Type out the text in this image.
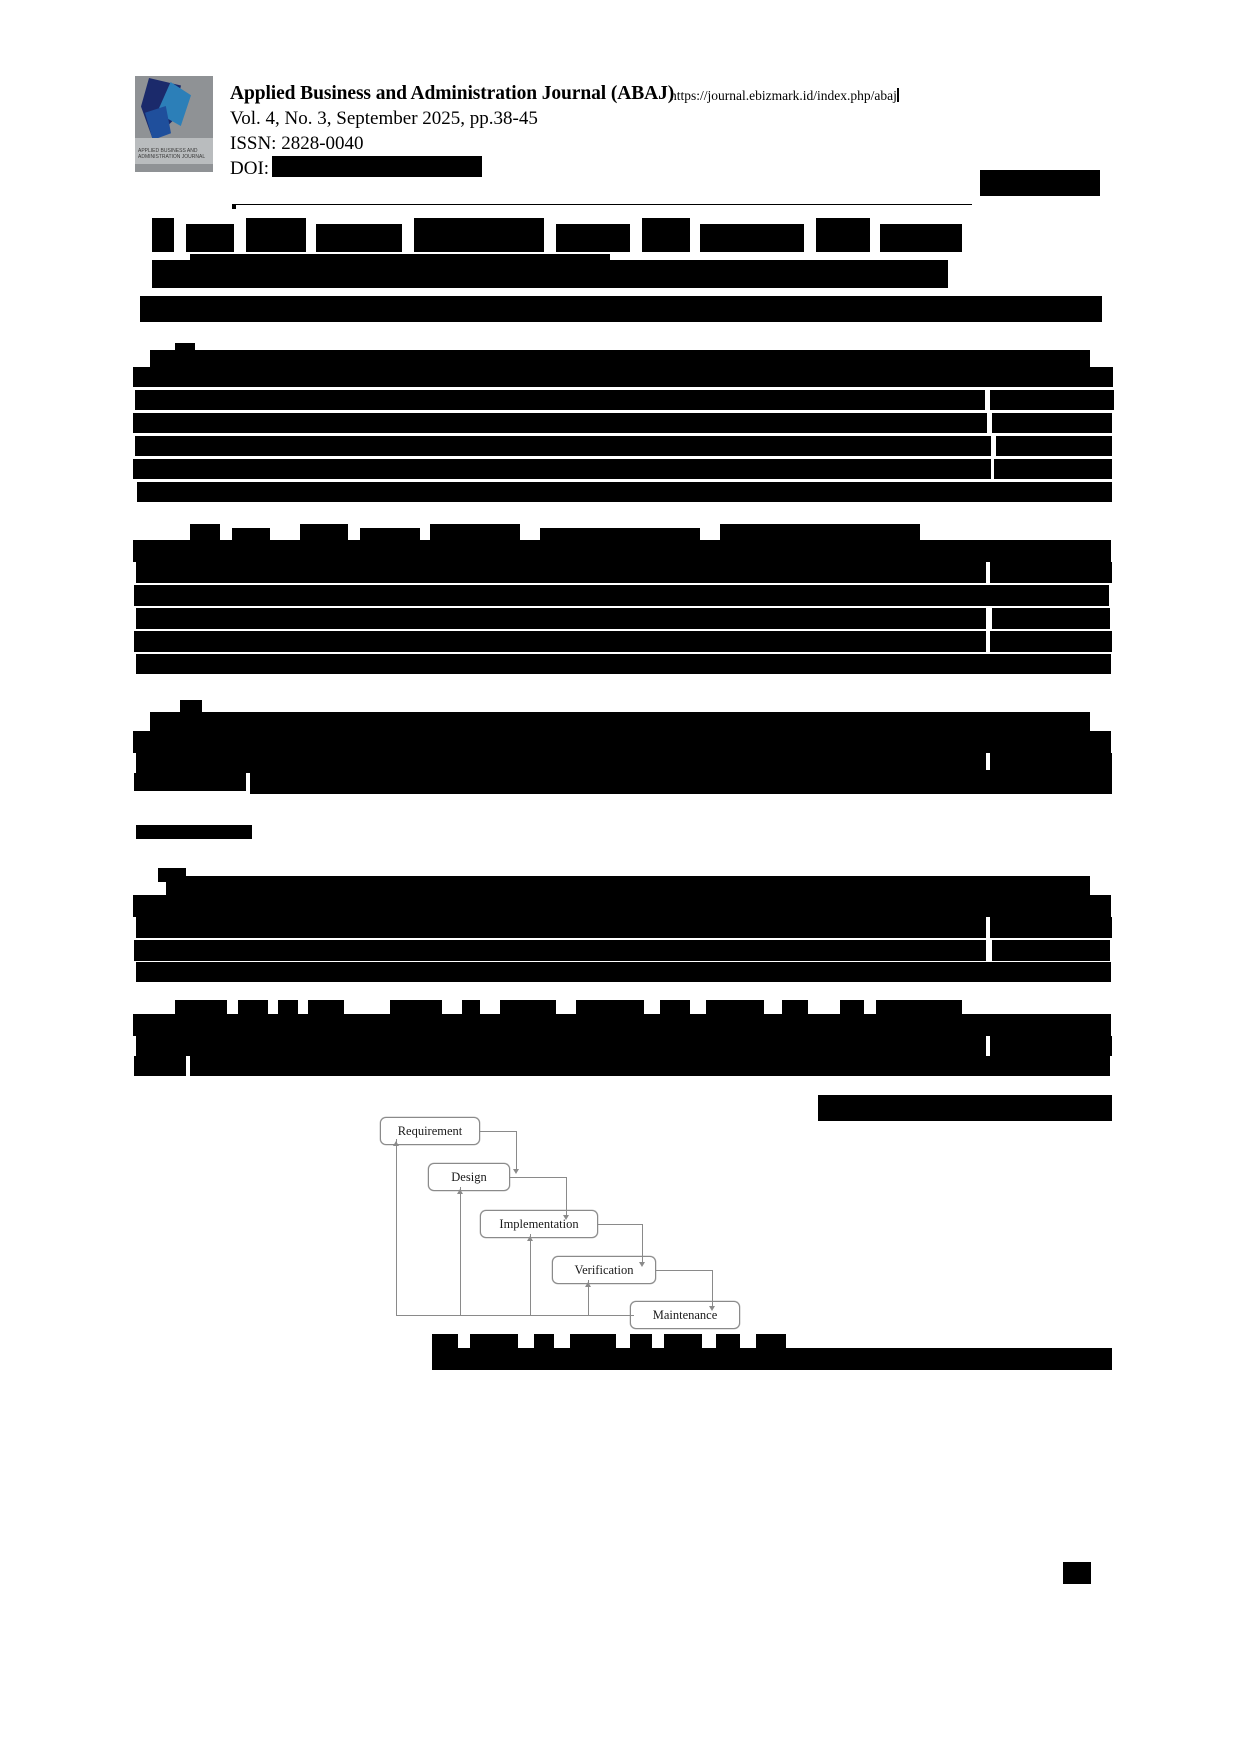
APPLIED BUSINESS AND ADMINISTRATION JOURNAL
Applied Business and Administration Journal (ABAJ)
Vol. 4, No. 3, September 2025, pp.38-45
ISSN: 2828-0040
DOI:
https://journal.ebizmark.id/index.php/abaj
Requirement
Design
Implementation
Verification
Maintenance
